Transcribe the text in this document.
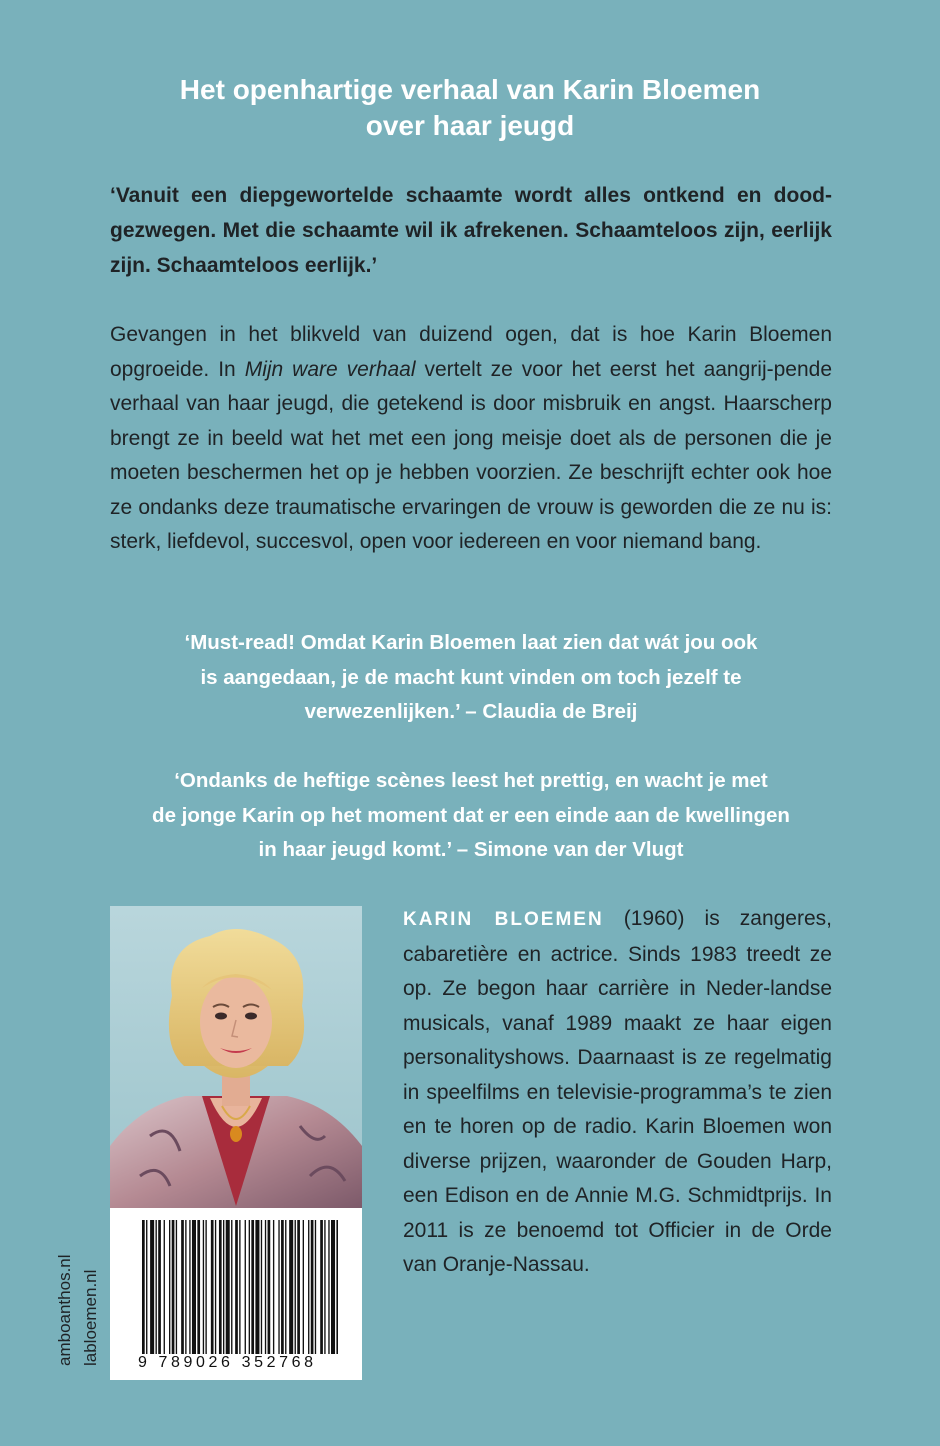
Het openhartige verhaal van Karin Bloemen
over haar jeugd
‘Vanuit een diepgewortelde schaamte wordt alles ontkend en dood-gezwegen. Met die schaamte wil ik afrekenen. Schaamteloos zijn, eerlijk zijn. Schaamteloos eerlijk.’
Gevangen in het blikveld van duizend ogen, dat is hoe Karin Bloemen opgroeide. In Mijn ware verhaal vertelt ze voor het eerst het aangrij-pende verhaal van haar jeugd, die getekend is door misbruik en angst. Haarscherp brengt ze in beeld wat het met een jong meisje doet als de personen die je moeten beschermen het op je hebben voorzien. Ze beschrijft echter ook hoe ze ondanks deze traumatische ervaringen de vrouw is geworden die ze nu is: sterk, liefdevol, succesvol, open voor iedereen en voor niemand bang.
‘Must-read! Omdat Karin Bloemen laat zien dat wát jou ook
is aangedaan, je de macht kunt vinden om toch jezelf te
verwezenlijken.’ – Claudia de Breij
‘Ondanks de heftige scènes leest het prettig, en wacht je met
de jonge Karin op het moment dat er een einde aan de kwellingen
in haar jeugd komt.’ – Simone van der Vlugt
9 789026 352768
amboanthos.nl labloemen.nl
KARIN BLOEMEN (1960) is zangeres, cabaretière en actrice. Sinds 1983 treedt ze op. Ze begon haar carrière in Neder-landse musicals, vanaf 1989 maakt ze haar eigen personalityshows. Daarnaast is ze regelmatig in speelfilms en televisie-programma’s te zien en te horen op de radio. Karin Bloemen won diverse prijzen, waaronder de Gouden Harp, een Edison en de Annie M.G. Schmidtprijs. In 2011 is ze benoemd tot Officier in de Orde van Oranje-Nassau.
